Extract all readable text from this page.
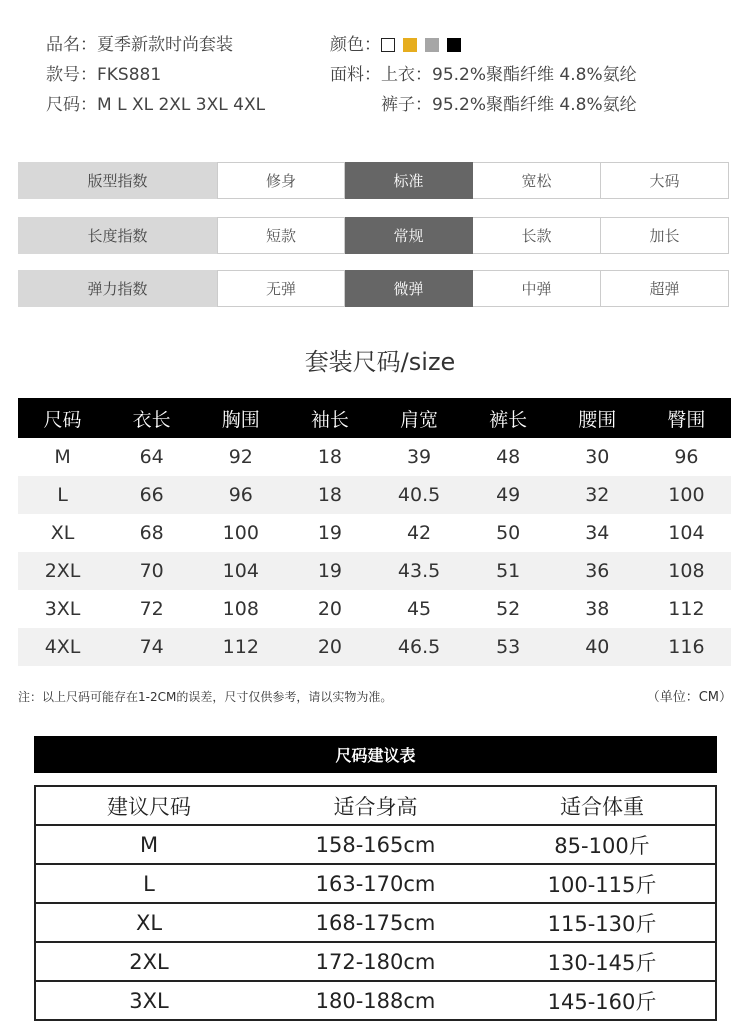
品名：夏季新款时尚套装
款号：FKS881
尺码：M L XL 2XL 3XL 4XL
颜色：
面料：上衣：95.2%聚酯纤维 4.8%氨纶
裤子：95.2%聚酯纤维 4.8%氨纶
版型指数	修身	标准	宽松	大码
长度指数	短款	常规	长款	加长
弹力指数	无弹	微弹	中弹	超弹
套装尺码/size
尺码	衣长	胸围	袖长	肩宽	裤长	腰围	臀围
M	64	92	18	39	48	30	96
L	66	96	18	40.5	49	32	100
XL	68	100	19	42	50	34	104
2XL	70	104	19	43.5	51	36	108
3XL	72	108	20	45	52	38	112
4XL	74	112	20	46.5	53	40	116
注：以上尺码可能存在1-2CM的误差，尺寸仅供参考，请以实物为准。	（单位：CM）
尺码建议表
建议尺码	适合身高	适合体重
M	158-165cm	85-100斤
L	163-170cm	100-115斤
XL	168-175cm	115-130斤
2XL	172-180cm	130-145斤
3XL	180-188cm	145-160斤
